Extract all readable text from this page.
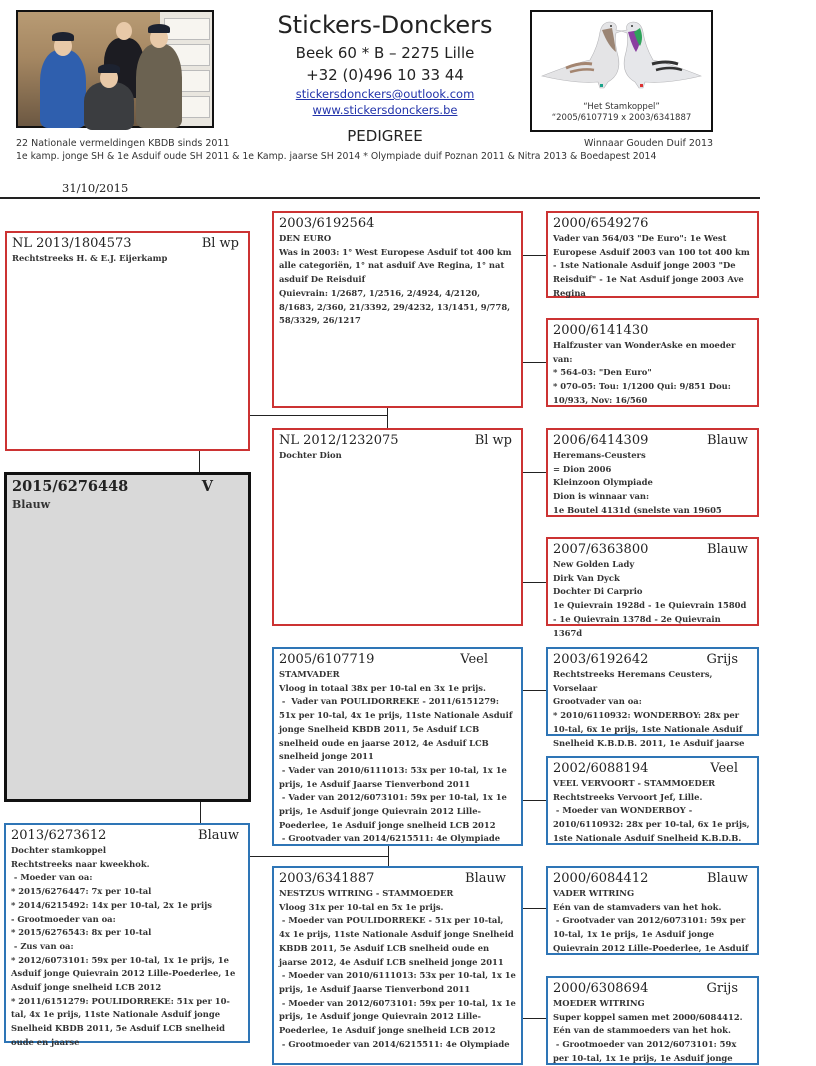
Stickers-Donckers
Beek 60 * B – 2275 Lille
+32 (0)496 10 33 44
stickersdonckers@outlook.com
www.stickersdonckers.be
PEDIGREE
“Het Stamkoppel”
“2005/6107719 x 2003/6341887
22 Nationale vermeldingen KBDB sinds 2011	Winnaar Gouden Duif 2013
1e kamp. jonge SH & 1e Asduif oude SH 2011 & 1e Kamp. jaarse SH 2014 * Olympiade duif Poznan 2011 & Nitra 2013 & Boedapest 2014
31/10/2015
2015/6276448	V
Blauw
NL 2013/1804573	Bl wp
Rechtstreeks H. & E.J. Eijerkamp
2013/6273612	Blauw
Dochter stamkoppel
Rechtstreeks naar kweekhok.
- Moeder van oa:
* 2015/6276447: 7x per 10-tal
* 2014/6215492: 14x per 10-tal, 2x 1e prijs
- Grootmoeder van oa:
* 2015/6276543: 8x per 10-tal
- Zus van oa:
* 2012/6073101: 59x per 10-tal, 1x 1e prijs, 1e Asduif jonge Quievrain 2012 Lille-Poederlee, 1e Asduif jonge snelheid LCB 2012
* 2011/6151279: POULIDORREKE: 51x per 10-tal, 4x 1e prijs, 11ste Nationale Asduif jonge Snelheid KBDB 2011, 5e Asduif LCB snelheid oude en jaarse
2003/6192564
DEN EURO
Was in 2003: 1° West Europese Asduif tot 400 km alle categoriën, 1° nat asduif Ave Regina, 1° nat asduif De Reisduif
Quievrain: 1/2687, 1/2516, 2/4924, 4/2120, 8/1683, 2/360, 21/3392, 29/4232, 13/1451, 9/778, 58/3329, 26/1217
NL 2012/1232075	Bl wp
Dochter Dion
2005/6107719	Veel
STAMVADER
Vloog in totaal 38x per 10-tal en 3x 1e prijs.
-  Vader van POULIDORREKE - 2011/6151279: 51x per 10-tal, 4x 1e prijs, 11ste Nationale Asduif jonge Snelheid KBDB 2011, 5e Asduif LCB snelheid oude en jaarse 2012, 4e Asduif LCB snelheid jonge 2011
- Vader van 2010/6111013: 53x per 10-tal, 1x 1e prijs, 1e Asduif Jaarse Tienverbond 2011
- Vader van 2012/6073101: 59x per 10-tal, 1x 1e prijs, 1e Asduif jonge Quievrain 2012 Lille-Poederlee, 1e Asduif jonge snelheid LCB 2012
- Grootvader van 2014/6215511: 4e Olympiade
2003/6341887	Blauw
NESTZUS WITRING - STAMMOEDER
Vloog 31x per 10-tal en 5x 1e prijs.
- Moeder van POULIDORREKE - 51x per 10-tal, 4x 1e prijs, 11ste Nationale Asduif jonge Snelheid KBDB 2011, 5e Asduif LCB snelheid oude en jaarse 2012, 4e Asduif LCB snelheid jonge 2011
- Moeder van 2010/6111013: 53x per 10-tal, 1x 1e prijs, 1e Asduif Jaarse Tienverbond 2011
- Moeder van 2012/6073101: 59x per 10-tal, 1x 1e prijs, 1e Asduif jonge Quievrain 2012 Lille-Poederlee, 1e Asduif jonge snelheid LCB 2012
- Grootmoeder van 2014/6215511: 4e Olympiade
2000/6549276
Vader van 564/03 "De Euro": 1e West Europese Asduif 2003 van 100 tot 400 km - 1ste Nationale Asduif jonge 2003 "De Reisduif" - 1e Nat Asduif jonge 2003 Ave Regina
2000/6141430
Halfzuster van WonderAske en moeder van:
* 564-03: "Den Euro"
* 070-05: Tou: 1/1200 Qui: 9/851 Dou: 10/933, Nov: 16/560
2006/6414309	Blauw
Heremans-Ceusters
= Dion 2006
Kleinzoon Olympiade
Dion is winnaar van:
1e Boutel 4131d (snelste van 19605
2007/6363800	Blauw
New Golden Lady
Dirk Van Dyck
Dochter Di Carprio
1e Quievrain 1928d - 1e Quievrain 1580d - 1e Quievrain 1378d - 2e Quievrain 1367d
2003/6192642	Grijs
Rechtstreeks Heremans Ceusters, Vorselaar
Grootvader van oa:
* 2010/6110932: WONDERBOY: 28x per 10-tal, 6x 1e prijs, 1ste Nationale Asduif Snelheid K.B.D.B. 2011, 1e Asduif jaarse
2002/6088194	Veel
VEEL VERVOORT - STAMMOEDER
Rechtstreeks Vervoort Jef, Lille.
- Moeder van WONDERBOY - 2010/6110932: 28x per 10-tal, 6x 1e prijs, 1ste Nationale Asduif Snelheid K.B.D.B.
2000/6084412	Blauw
VADER WITRING
Eén van de stamvaders van het hok.
- Grootvader van 2012/6073101: 59x per 10-tal, 1x 1e prijs, 1e Asduif jonge Quievrain 2012 Lille-Poederlee, 1e Asduif
2000/6308694	Grijs
MOEDER WITRING
Super koppel samen met 2000/6084412.
Eén van de stammoeders van het hok.
- Grootmoeder van 2012/6073101: 59x per 10-tal, 1x 1e prijs, 1e Asduif jonge
